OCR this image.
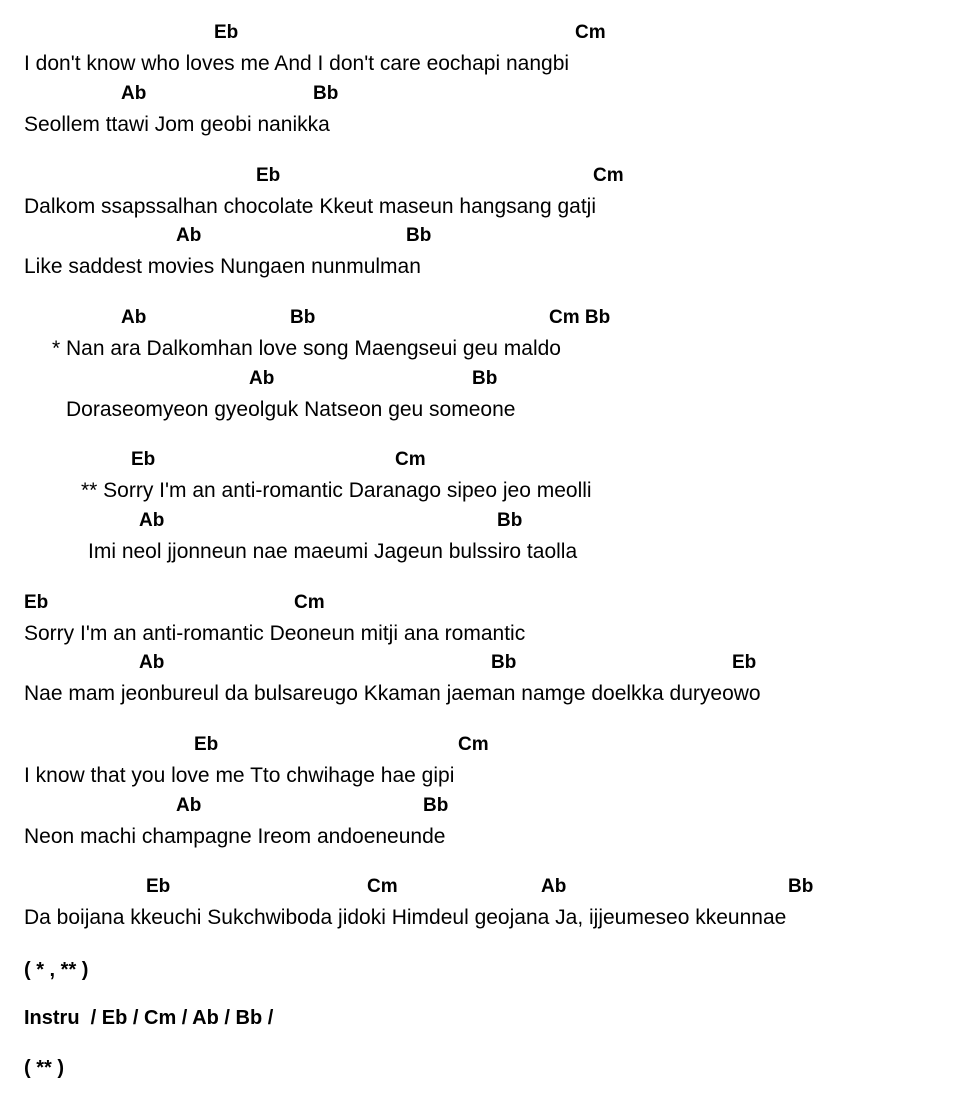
Eb	Cm
I don't know who loves me And I don't care eochapi nangbi
Ab	Bb
Seollem ttawi Jom geobi nanikka
Eb	Cm
Dalkom ssapssalhan chocolate Kkeut maseun hangsang gatji
Ab	Bb
Like saddest movies Nungaen nunmulman
Ab	Bb	Cm Bb
* Nan ara Dalkomhan love song Maengseui geu maldo
Ab	Bb
Doraseomyeon gyeolguk Natseon geu someone
Eb	Cm
** Sorry I'm an anti-romantic Daranago sipeo jeo meolli
Ab	Bb
Imi neol jjonneun nae maeumi Jageun bulssiro taolla
Eb	Cm
Sorry I'm an anti-romantic Deoneun mitji ana romantic
Ab	Bb	Eb
Nae mam jeonbureul da bulsareugo Kkaman jaeman namge doelkka duryeowo
Eb	Cm
I know that you love me Tto chwihage hae gipi
Ab	Bb
Neon machi champagne Ireom andoeneunde
Eb	Cm	Ab	Bb
Da boijana kkeuchi Sukchwiboda jidoki Himdeul geojana Ja, ijjeumeseo kkeunnae
( * , ** )
Instru  / Eb / Cm / Ab / Bb /
( ** )
